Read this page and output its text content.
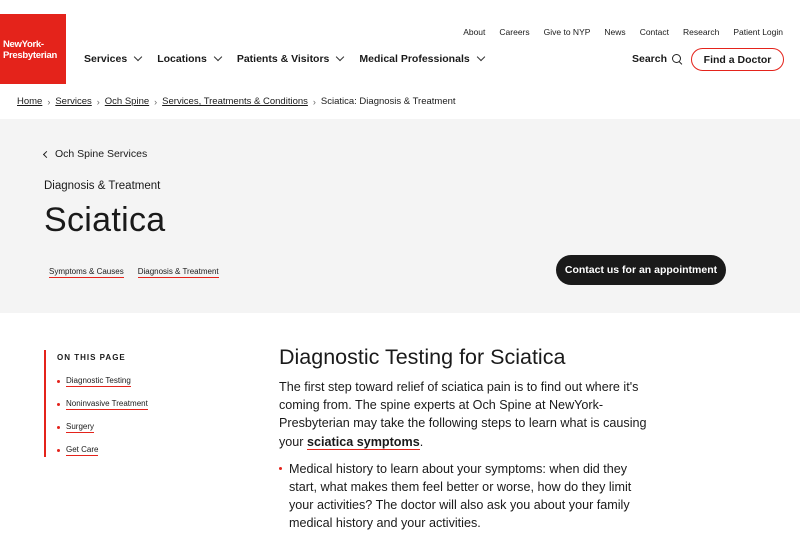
NewYork-
Presbyterian
About Careers Give to NYP News Contact Research Patient Login
Services	Locations	Patients & Visitors	Medical Professionals	Search	Find a Doctor
Home › Services › Och Spine › Services, Treatments & Conditions › Sciatica: Diagnosis & Treatment
Och Spine Services
Diagnosis & Treatment
Sciatica
Symptoms & Causes Diagnosis & Treatment	Contact us for an appointment
ON THIS PAGE
Diagnostic Testing
Noninvasive Treatment
Surgery
Get Care
Diagnostic Testing for Sciatica

The first step toward relief of sciatica pain is to find out where it's coming from. The spine experts at Och Spine at NewYork-Presbyterian may take the following steps to learn what is causing your sciatica symptoms.

Medical history to learn about your symptoms: when did they start, what makes them feel better or worse, how do they limit your activities? The doctor will also ask you about your family medical history and your activities.
